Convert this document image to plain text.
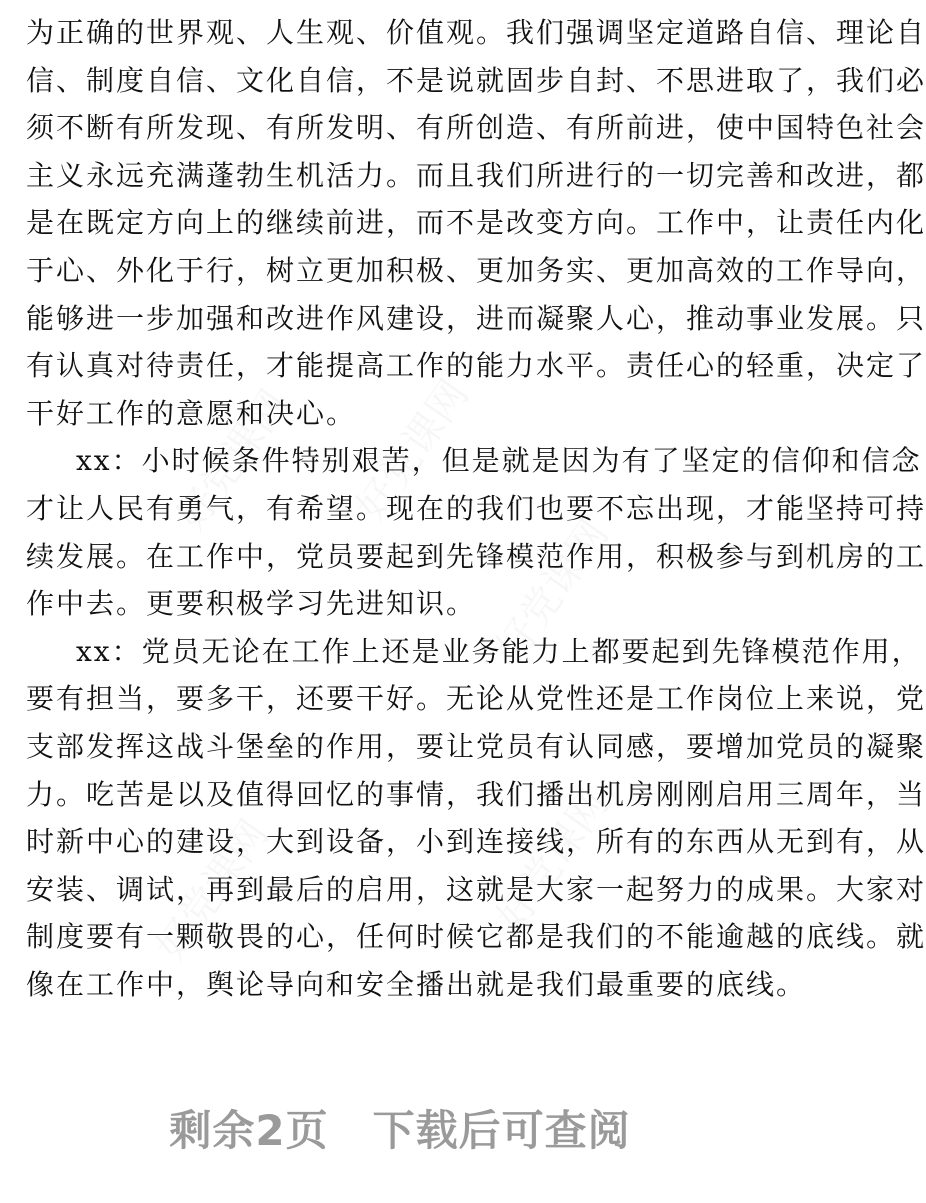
为正确的世界观、人生观、价值观。我们强调坚定道路自信、理论自
信、制度自信、文化自信，不是说就固步自封、不思进取了，我们必
须不断有所发现、有所发明、有所创造、有所前进，使中国特色社会
主义永远充满蓬勃生机活力。而且我们所进行的一切完善和改进，都
是在既定方向上的继续前进，而不是改变方向。工作中，让责任内化
于心、外化于行，树立更加积极、更加务实、更加高效的工作导向，
能够进一步加强和改进作风建设，进而凝聚人心，推动事业发展。只
有认真对待责任，才能提高工作的能力水平。责任心的轻重，决定了
干好工作的意愿和决心。
xx：小时候条件特别艰苦，但是就是因为有了坚定的信仰和信念
才让人民有勇气，有希望。现在的我们也要不忘出现，才能坚持可持
续发展。在工作中，党员要起到先锋模范作用，积极参与到机房的工
作中去。更要积极学习先进知识。
xx：党员无论在工作上还是业务能力上都要起到先锋模范作用，
要有担当，要多干，还要干好。无论从党性还是工作岗位上来说，党
支部发挥这战斗堡垒的作用，要让党员有认同感，要增加党员的凝聚
力。吃苦是以及值得回忆的事情，我们播出机房刚刚启用三周年，当
时新中心的建设，大到设备，小到连接线，所有的东西从无到有，从
安装、调试，再到最后的启用，这就是大家一起努力的成果。大家对
制度要有一颗敬畏的心，任何时候它都是我们的不能逾越的底线。就
像在工作中，舆论导向和安全播出就是我们最重要的底线。
剩余2页 下载后可查阅
